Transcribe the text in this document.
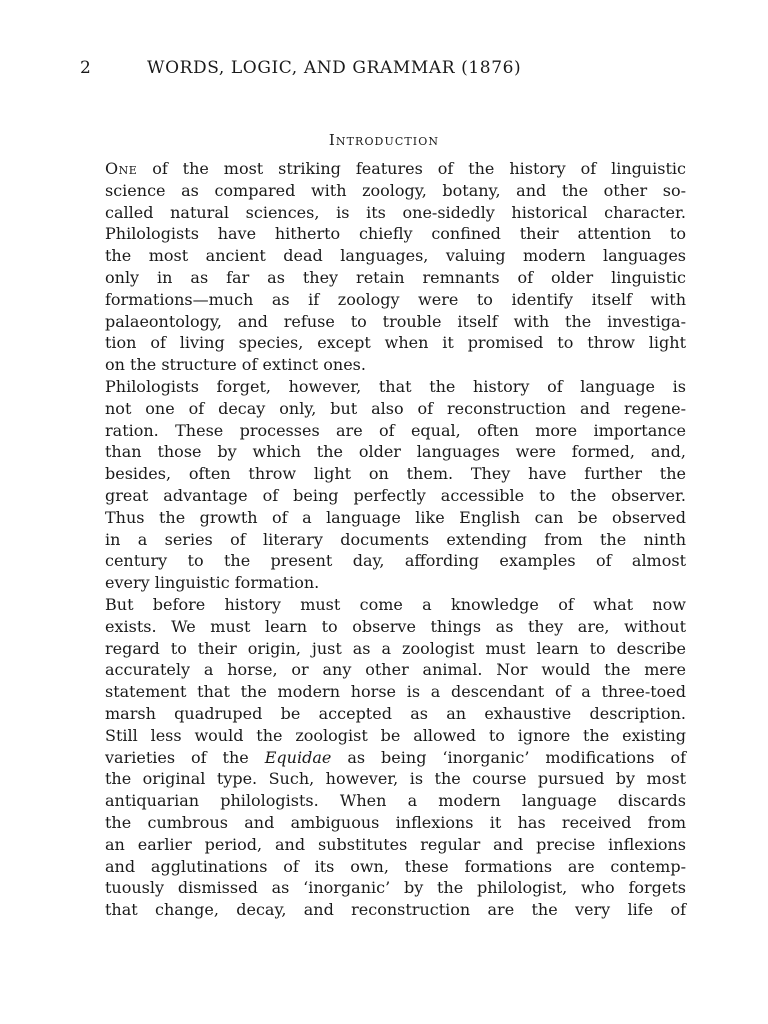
2	WORDS, LOGIC, AND GRAMMAR (1876)
Introduction

One of the most striking features of the history of linguistic
science as compared with zoology, botany, and the other so-
called natural sciences, is its one-sidedly historical character.
Philologists have hitherto chiefly confined their attention to
the most ancient dead languages, valuing modern languages
only in as far as they retain remnants of older linguistic
formations—much as if zoology were to identify itself with
palaeontology, and refuse to trouble itself with the investiga-
tion of living species, except when it promised to throw light
on the structure of extinct ones.

Philologists forget, however, that the history of language is
not one of decay only, but also of reconstruction and regene-
ration. These processes are of equal, often more importance
than those by which the older languages were formed, and,
besides, often throw light on them. They have further the
great advantage of being perfectly accessible to the observer.
Thus the growth of a language like English can be observed
in a series of literary documents extending from the ninth
century to the present day, affording examples of almost
every linguistic formation.

But before history must come a knowledge of what now
exists. We must learn to observe things as they are, without
regard to their origin, just as a zoologist must learn to describe
accurately a horse, or any other animal. Nor would the mere
statement that the modern horse is a descendant of a three-toed
marsh quadruped be accepted as an exhaustive description.
Still less would the zoologist be allowed to ignore the existing
varieties of the Equidae as being ‘inorganic’ modifications of
the original type. Such, however, is the course pursued by most
antiquarian philologists. When a modern language discards
the cumbrous and ambiguous inflexions it has received from
an earlier period, and substitutes regular and precise inflexions
and agglutinations of its own, these formations are contemp-
tuously dismissed as ‘inorganic’ by the philologist, who forgets
that change, decay, and reconstruction are the very life of
